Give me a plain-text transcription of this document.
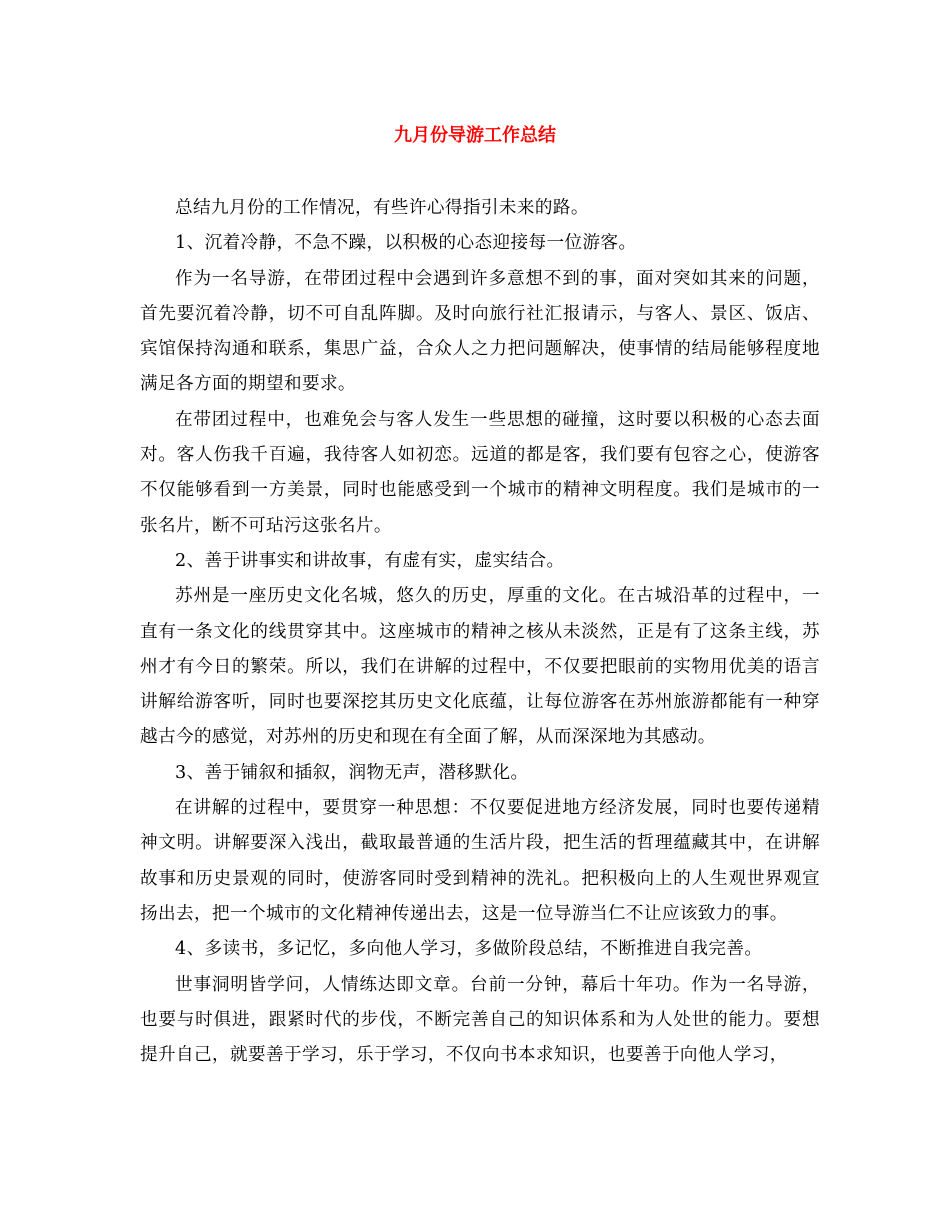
九月份导游工作总结

总结九月份的工作情况，有些许心得指引未来的路。

1、沉着冷静，不急不躁，以积极的心态迎接每一位游客。

作为一名导游，在带团过程中会遇到许多意想不到的事，面对突如其来的问题，首先要沉着冷静，切不可自乱阵脚。及时向旅行社汇报请示，与客人、景区、饭店、宾馆保持沟通和联系，集思广益，合众人之力把问题解决，使事情的结局能够程度地满足各方面的期望和要求。

在带团过程中，也难免会与客人发生一些思想的碰撞，这时要以积极的心态去面对。客人伤我千百遍，我待客人如初恋。远道的都是客，我们要有包容之心，使游客不仅能够看到一方美景，同时也能感受到一个城市的精神文明程度。我们是城市的一张名片，断不可玷污这张名片。

2、善于讲事实和讲故事，有虚有实，虚实结合。

苏州是一座历史文化名城，悠久的历史，厚重的文化。在古城沿革的过程中，一直有一条文化的线贯穿其中。这座城市的精神之核从未淡然，正是有了这条主线，苏州才有今日的繁荣。所以，我们在讲解的过程中，不仅要把眼前的实物用优美的语言讲解给游客听，同时也要深挖其历史文化底蕴，让每位游客在苏州旅游都能有一种穿越古今的感觉，对苏州的历史和现在有全面了解，从而深深地为其感动。

3、善于铺叙和插叙，润物无声，潜移默化。

在讲解的过程中，要贯穿一种思想：不仅要促进地方经济发展，同时也要传递精神文明。讲解要深入浅出，截取最普通的生活片段，把生活的哲理蕴藏其中，在讲解故事和历史景观的同时，使游客同时受到精神的洗礼。把积极向上的人生观世界观宣扬出去，把一个城市的文化精神传递出去，这是一位导游当仁不让应该致力的事。

4、多读书，多记忆，多向他人学习，多做阶段总结，不断推进自我完善。

世事洞明皆学问，人情练达即文章。台前一分钟，幕后十年功。作为一名导游，也要与时俱进，跟紧时代的步伐，不断完善自己的知识体系和为人处世的能力。要想提升自己，就要善于学习，乐于学习，不仅向书本求知识，也要善于向他人学习，
